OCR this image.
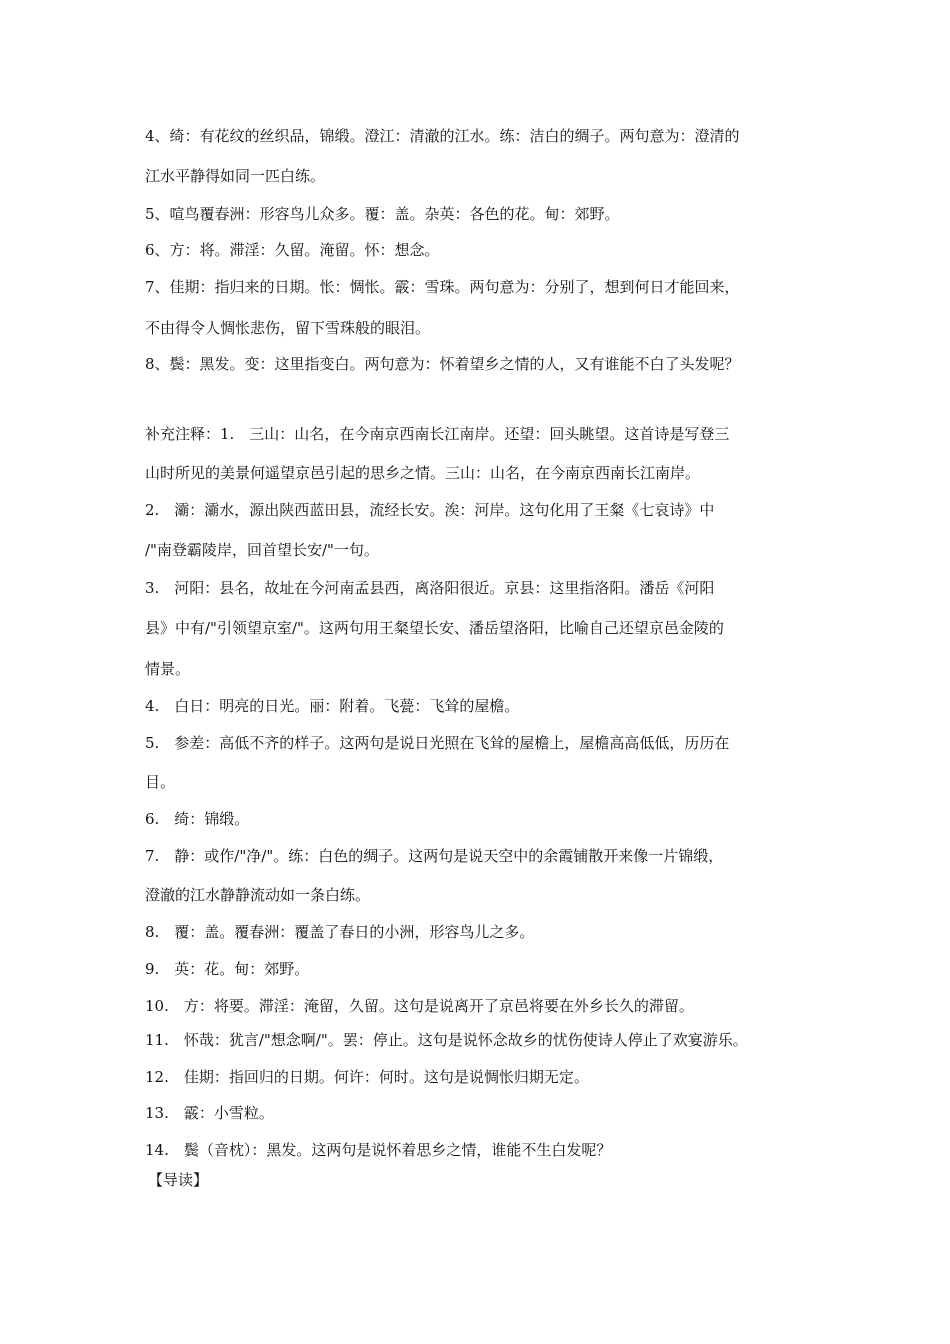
4、绮：有花纹的丝织品，锦缎。澄江：清澈的江水。练：洁白的绸子。两句意为：澄清的
江水平静得如同一匹白练。
5、喧鸟覆春洲：形容鸟儿众多。覆：盖。杂英：各色的花。甸：郊野。
6、方：将。滞淫：久留。淹留。怀：想念。
7、佳期：指归来的日期。怅：惆怅。霰：雪珠。两句意为：分别了，想到何日才能回来，
不由得令人惆怅悲伤，留下雪珠般的眼泪。
8、鬓：黑发。变：这里指变白。两句意为：怀着望乡之情的人，又有谁能不白了头发呢？
补充注释：1.　三山：山名，在今南京西南长江南岸。还望：回头眺望。这首诗是写登三
山时所见的美景何遥望京邑引起的思乡之情。三山：山名，在今南京西南长江南岸。
2.　灞：灞水，源出陕西蓝田县，流经长安。涘：河岸。这句化用了王粲《七哀诗》中
/"南登霸陵岸，回首望长安/"一句。
3.　河阳：县名，故址在今河南孟县西，离洛阳很近。京县：这里指洛阳。潘岳《河阳
县》中有/"引领望京室/"。这两句用王粲望长安、潘岳望洛阳，比喻自己还望京邑金陵的
情景。
4.　白日：明亮的日光。丽：附着。飞甍：飞耸的屋檐。
5.　参差：高低不齐的样子。这两句是说日光照在飞耸的屋檐上，屋檐高高低低，历历在
目。
6.　绮：锦缎。
7.　静：或作/"净/"。练：白色的绸子。这两句是说天空中的余霞铺散开来像一片锦缎，
澄澈的江水静静流动如一条白练。
8.　覆：盖。覆春洲：覆盖了春日的小洲，形容鸟儿之多。
9.　英：花。甸：郊野。
10.　方：将要。滞淫：淹留，久留。这句是说离开了京邑将要在外乡长久的滞留。
11.　怀哉：犹言/"想念啊/"。罢：停止。这句是说怀念故乡的忧伤使诗人停止了欢宴游乐。
12.　佳期：指回归的日期。何许：何时。这句是说惆怅归期无定。
13.　霰：小雪粒。
14.　鬓（音枕）：黑发。这两句是说怀着思乡之情，谁能不生白发呢？
【导读】
